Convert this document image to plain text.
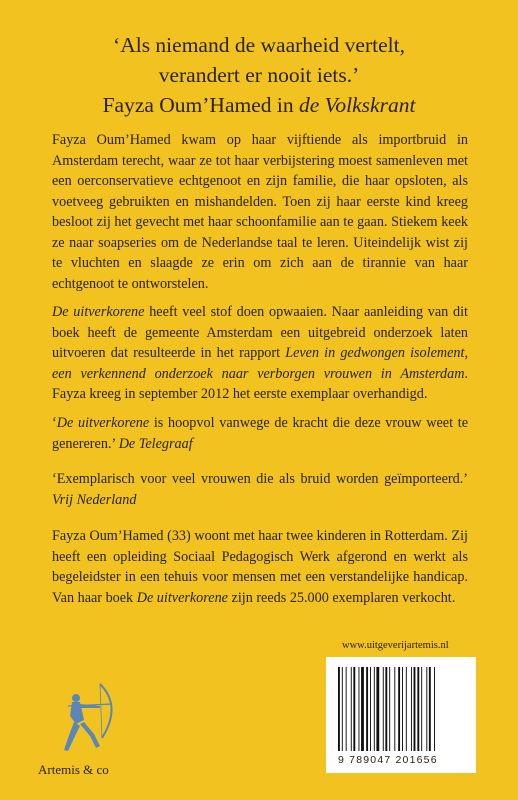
‘Als niemand de waarheid vertelt,
verandert er nooit iets.’
Fayza Oum’Hamed in de Volkskrant

Fayza Oum’Hamed kwam op haar vijftiende als importbruid in Amsterdam terecht, waar ze tot haar verbijstering moest samenleven met een oerconservatieve echtgenoot en zijn familie, die haar opsloten, als voetveeg gebruikten en mishandelden. Toen zij haar eerste kind kreeg besloot zij het gevecht met haar schoonfamilie aan te gaan. Stiekem keek ze naar soapseries om de Nederlandse taal te leren. Uiteindelijk wist zij te vluchten en slaagde ze erin om zich aan de tirannie van haar echtgenoot te ontworstelen.

De uitverkorene heeft veel stof doen opwaaien. Naar aanleiding van dit boek heeft de gemeente Amsterdam een uitgebreid onderzoek laten uitvoeren dat resulteerde in het rapport Leven in gedwongen isolement, een verkennend onderzoek naar verborgen vrouwen in Amsterdam. Fayza kreeg in september 2012 het eerste exemplaar overhandigd.

‘De uitverkorene is hoopvol vanwege de kracht die deze vrouw weet te genereren.’ De Telegraaf

‘Exemplarisch voor veel vrouwen die als bruid worden geïmporteerd.’ Vrij Nederland

Fayza Oum’Hamed (33) woont met haar twee kinderen in Rotterdam. Zij heeft een opleiding Sociaal Pedagogisch Werk afgerond en werkt als begeleidster in een tehuis voor mensen met een verstandelijke handicap. Van haar boek De uitverkorene zijn reeds 25.000 exemplaren verkocht.

www.uitgeverijartemis.nl
9 789047 201656
Artemis & co
